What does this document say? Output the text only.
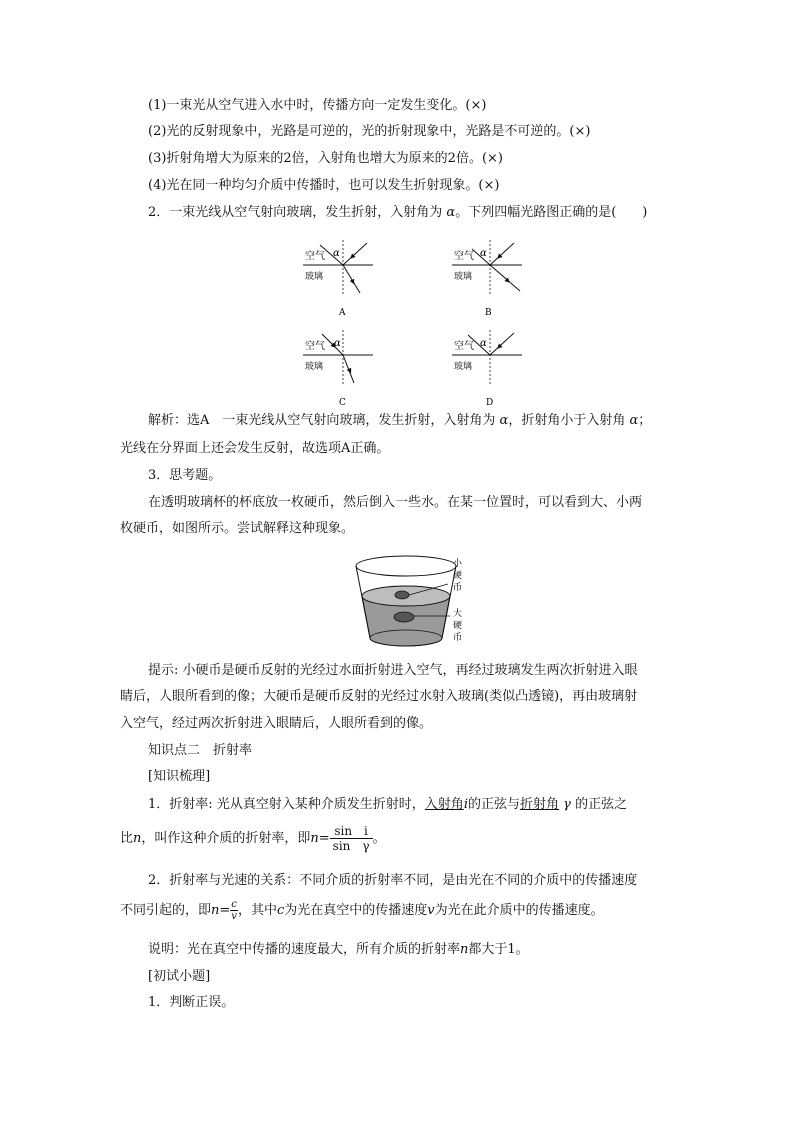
(1)一束光从空气进入水中时，传播方向一定发生变化。(×)
(2)光的反射现象中，光路是可逆的，光的折射现象中，光路是不可逆的。(×)
(3)折射角增大为原来的2倍，入射角也增大为原来的2倍。(×)
(4)光在同一种均匀介质中传播时，也可以发生折射现象。(×)
2．一束光线从空气射向玻璃，发生折射，入射角为 α。下列四幅光路图正确的是(　　)
空气
玻璃
α
A
空气
玻璃
α
B
空气
玻璃
α
C
空气
玻璃
α
D
解析：选A　一束光线从空气射向玻璃，发生折射，入射角为 α，折射角小于入射角 α；
光线在分界面上还会发生反射，故选项A正确。
3．思考题。
在透明玻璃杯的杯底放一枚硬币，然后倒入一些水。在某一位置时，可以看到大、小两
枚硬币，如图所示。尝试解释这种现象。
小
硬
币
大
硬
币
提示: 小硬币是硬币反射的光经过水面折射进入空气，再经过玻璃发生两次折射进入眼
睛后，人眼所看到的像；大硬币是硬币反射的光经过水射入玻璃(类似凸透镜)，再由玻璃射
入空气，经过两次折射进入眼睛后，人眼所看到的像。
知识点二　折射率
[知识梳理]
1．折射率: 光从真空射入某种介质发生折射时，入射角i的正弦与折射角 γ 的正弦之
比n，叫作这种介质的折射率，即$n= \frac{\text{sin　i}}{\text{sin　γ}}$ 。
2．折射率与光速的关系：不同介质的折射率不同，是由光在不同的介质中的传播速度
不同引起的，即$n= \frac{c}{v}$ ，其中c为光在真空中的传播速度v为光在此介质中的传播速度。
说明：光在真空中传播的速度最大，所有介质的折射率n都大于1。
[初试小题]
1．判断正误。
